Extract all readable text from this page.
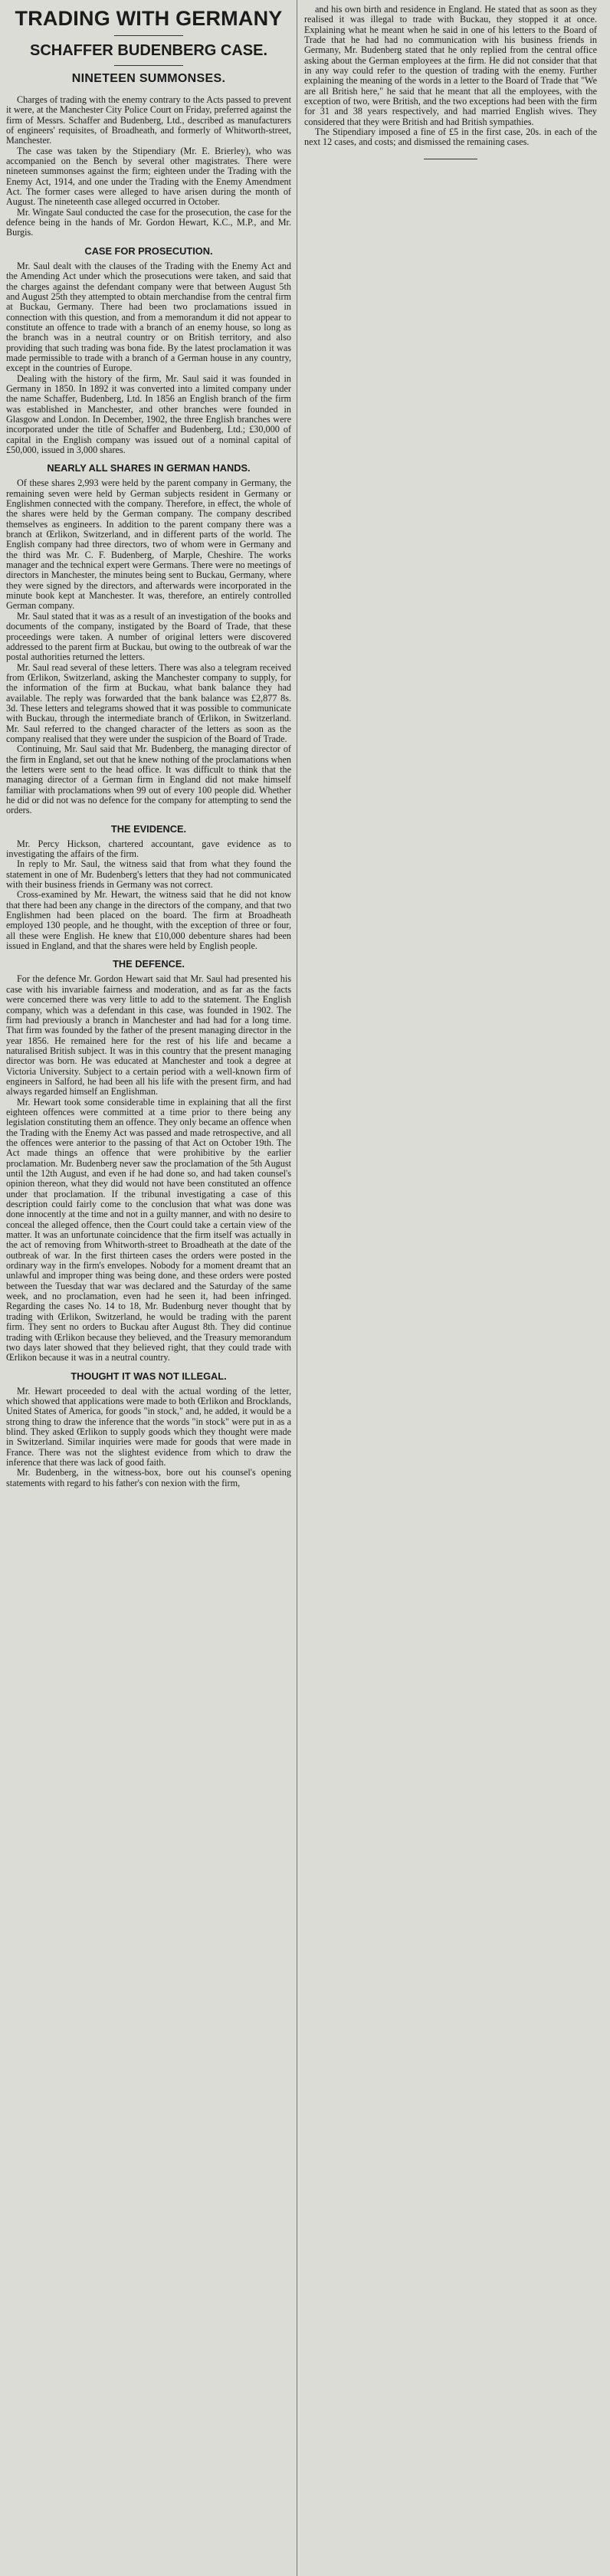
TRADING WITH GERMANY
SCHAFFER BUDENBERG CASE.
NINETEEN SUMMONSES.

Charges of trading with the enemy contrary to the Acts passed to prevent it were, at the Manchester City Police Court on Friday, preferred against the firm of Messrs. Schaffer and Budenberg, Ltd., described as manufacturers of engineers' requisites, of Broadheath, and formerly of Whitworth-street, Manchester.

The case was taken by the Stipendiary (Mr. E. Brierley), who was accompanied on the Bench by several other magistrates. There were nineteen summonses against the firm; eighteen under the Trading with the Enemy Act, 1914, and one under the Trading with the Enemy Amendment Act. The former cases were alleged to have arisen during the month of August. The nineteenth case alleged occurred in October.

Mr. Wingate Saul conducted the case for the prosecution, the case for the defence being in the hands of Mr. Gordon Hewart, K.C., M.P., and Mr. Burgis.

CASE FOR PROSECUTION.

Mr. Saul dealt with the clauses of the Trading with the Enemy Act and the Amending Act under which the prosecutions were taken, and said that the charges against the defendant company were that between August 5th and August 25th they attempted to obtain merchandise from the central firm at Buckau, Germany. There had been two proclamations issued in connection with this question, and from a memorandum it did not appear to constitute an offence to trade with a branch of an enemy house, so long as the branch was in a neutral country or on British territory, and also providing that such trading was bona fide. By the latest proclamation it was made permissible to trade with a branch of a German house in any country, except in the countries of Europe.

Dealing with the history of the firm, Mr. Saul said it was founded in Germany in 1850. In 1892 it was converted into a limited company under the name Schaffer, Budenberg, Ltd. In 1856 an English branch of the firm was established in Manchester, and other branches were founded in Glasgow and London. In December, 1902, the three English branches were incorporated under the title of Schaffer and Budenberg, Ltd.; £30,000 of capital in the English company was issued out of a nominal capital of £50,000, issued in 3,000 shares.

NEARLY ALL SHARES IN GERMAN HANDS.

Of these shares 2,993 were held by the parent company in Germany, the remaining seven were held by German subjects resident in Germany or Englishmen connected with the company. Therefore, in effect, the whole of the shares were held by the German company. The company described themselves as engineers. In addition to the parent company there was a branch at Œrlikon, Switzerland, and in different parts of the world. The English company had three directors, two of whom were in Germany and the third was Mr. C. F. Budenberg, of Marple, Cheshire. The works manager and the technical expert were Germans. There were no meetings of directors in Manchester, the minutes being sent to Buckau, Germany, where they were signed by the directors, and afterwards were incorporated in the minute book kept at Manchester. It was, therefore, an entirely controlled German company.

Mr. Saul stated that it was as a result of an investigation of the books and documents of the company, instigated by the Board of Trade, that these proceedings were taken. A number of original letters were discovered addressed to the parent firm at Buckau, but owing to the outbreak of war the postal authorities returned the letters.

Mr. Saul read several of these letters. There was also a telegram received from Œrlikon, Switzerland, asking the Manchester company to supply, for the information of the firm at Buckau, what bank balance they had available. The reply was forwarded that the bank balance was £2,877 8s. 3d. These letters and telegrams showed that it was possible to communicate with Buckau, through the intermediate branch of Œrlikon, in Switzerland. Mr. Saul referred to the changed character of the letters as soon as the company realised that they were under the suspicion of the Board of Trade.

Continuing, Mr. Saul said that Mr. Budenberg, the managing director of the firm in England, set out that he knew nothing of the proclamations when the letters were sent to the head office. It was difficult to think that the managing director of a German firm in England did not make himself familiar with proclamations when 99 out of every 100 people did. Whether he did or did not was no defence for the company for attempting to send the orders.

THE EVIDENCE.

Mr. Percy Hickson, chartered accountant, gave evidence as to investigating the affairs of the firm.

In reply to Mr. Saul, the witness said that from what they found the statement in one of Mr. Budenberg's letters that they had not communicated with their business friends in Germany was not correct.

Cross-examined by Mr. Hewart, the witness said that he did not know that there had been any change in the directors of the company, and that two Englishmen had been placed on the board. The firm at Broadheath employed 130 people, and he thought, with the exception of three or four, all these were English. He knew that £10,000 debenture shares had been issued in England, and that the shares were held by English people.

THE DEFENCE.

For the defence Mr. Gordon Hewart said that Mr. Saul had presented his case with his invariable fairness and moderation, and as far as the facts were concerned there was very little to add to the statement. The English company, which was a defendant in this case, was founded in 1902. The firm had previously a branch in Manchester and had had for a long time. That firm was founded by the father of the present managing director in the year 1856. He remained here for the rest of his life and became a naturalised British subject. It was in this country that the present managing director was born. He was educated at Manchester and took a degree at Victoria University. Subject to a certain period with a well-known firm of engineers in Salford, he had been all his life with the present firm, and had always regarded himself an Englishman.

Mr. Hewart took some considerable time in explaining that all the first eighteen offences were committed at a time prior to there being any legislation constituting them an offence. They only became an offence when the Trading with the Enemy Act was passed and made retrospective, and all the offences were anterior to the passing of that Act on October 19th. The Act made things an offence that were prohibitive by the earlier proclamation. Mr. Budenberg never saw the proclamation of the 5th August until the 12th August, and even if he had done so, and had taken counsel's opinion thereon, what they did would not have been constituted an offence under that proclamation. If the tribunal investigating a case of this description could fairly come to the conclusion that what was done was done innocently at the time and not in a guilty manner, and with no desire to conceal the alleged offence, then the Court could take a certain view of the matter. It was an unfortunate coincidence that the firm itself was actually in the act of removing from Whitworth-street to Broadheath at the date of the outbreak of war. In the first thirteen cases the orders were posted in the ordinary way in the firm's envelopes. Nobody for a moment dreamt that an unlawful and improper thing was being done, and these orders were posted between the Tuesday that war was declared and the Saturday of the same week, and no proclamation, even had he seen it, had been infringed. Regarding the cases No. 14 to 18, Mr. Budenburg never thought that by trading with Œrlikon, Switzerland, he would be trading with the parent firm. They sent no orders to Buckau after August 8th. They did continue trading with Œrlikon because they believed, and the Treasury memorandum two days later showed that they believed right, that they could trade with Œrlikon because it was in a neutral country.

THOUGHT IT WAS NOT ILLEGAL.

Mr. Hewart proceeded to deal with the actual wording of the letter, which showed that applications were made to both Œrlikon and Brocklands, United States of America, for goods "in stock," and, he added, it would be a strong thing to draw the inference that the words "in stock" were put in as a blind. They asked Œrlikon to supply goods which they thought were made in Switzerland. Similar inquiries were made for goods that were made in France. There was not the slightest evidence from which to draw the inference that there was lack of good faith.

Mr. Budenberg, in the witness-box, bore out his counsel's opening statements with regard to his father's con nexion with the firm,

and his own birth and residence in England. He stated that as soon as they realised it was illegal to trade with Buckau, they stopped it at once. Explaining what he meant when he said in one of his letters to the Board of Trade that he had had no communication with his business friends in Germany, Mr. Budenberg stated that he only replied from the central office asking about the German employees at the firm. He did not consider that that in any way could refer to the question of trading with the enemy. Further explaining the meaning of the words in a letter to the Board of Trade that "We are all British here," he said that he meant that all the employees, with the exception of two, were British, and the two exceptions had been with the firm for 31 and 38 years respectively, and had married English wives. They considered that they were British and had British sympathies.

The Stipendiary imposed a fine of £5 in the first case, 20s. in each of the next 12 cases, and costs; and dismissed the remaining cases.
